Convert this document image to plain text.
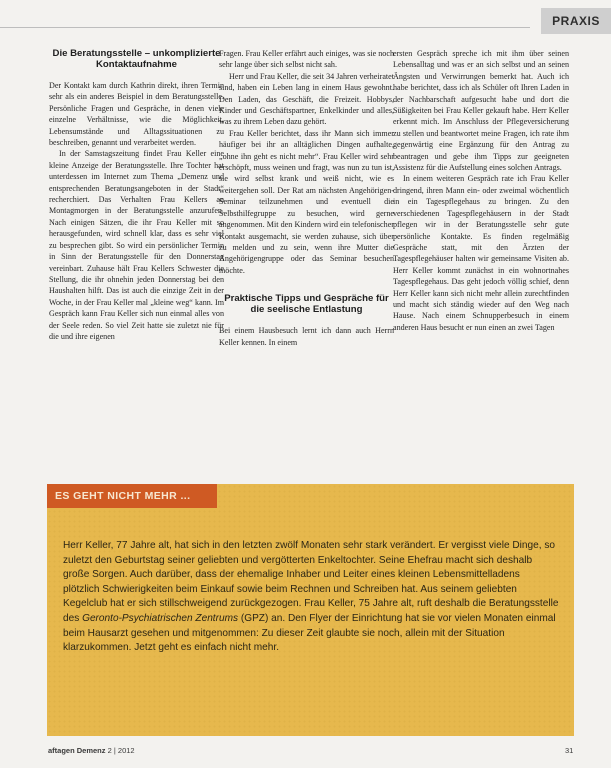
PRAXIS
Die Beratungsstelle – unkomplizierte Kontaktaufnahme

Der Kontakt kam durch Kathrin direkt, ihren Termin sehr als ein anderes Beispiel in dem Beratungsstelle. Persönliche Fragen und Gespräche, in denen viele einzelne Verhältnisse, wie die Möglichkeit, Lebensumstände und Alltagssituationen zu beschreiben, genannt und verarbeitet werden.

In der Samstagszeitung findet Frau Keller eine kleine Anzeige der Beratungsstelle. Ihre Tochter hat unterdessen im Internet zum Thema „Demenz und entsprechenden Beratungsangeboten in der Stadt“ recherchiert. Das Verhalten Frau Kellers an Montagmorgen in der Beratungsstelle anzurufen. Nach einigen Sätzen, die ihr Frau Keller mit so herausgefunden, wird schnell klar, dass es sehr viel zu besprechen gibt. So wird ein persönlicher Termin in Sinn der Beratungsstelle für den Donnerstag vereinbart. Zuhause hält Frau Kellers Schwester die Stellung, die ihr ohnehin jeden Donnerstag bei den Haushalten hilft. Das ist auch die einzige Zeit in der Woche, in der Frau Keller mal „kleine weg“ kann. Im Gespräch kann Frau Keller sich nun einmal alles von der Seele reden. So viel Zeit hatte sie zuletzt nie für die und ihre eigenen

Fragen. Frau Keller erfährt auch einiges, was sie noch sehr lange über sich selbst nicht sah.

Herr und Frau Keller, die seit 34 Jahren verheiratet sind, haben ein Leben lang in einem Haus gewohnt. Den Laden, das Geschäft, die Freizeit. Hobbys, Kinder und Geschäftspartner, Enkelkinder und alles, was zu ihrem Leben dazu gehört.

Frau Keller berichtet, dass ihr Mann sich immer häufiger bei ihr an alltäglichen Dingen aufhalte, „ohne ihn geht es nicht mehr“. Frau Keller wird sehr erschöpft, muss weinen und fragt, was nun zu tun ist, sie wird selbst krank und weiß nicht, wie es weitergehen soll. Der Rat am nächsten Angehörigen-Seminar teilzunehmen und eventuell die Selbsthilfegruppe zu besuchen, wird gerne angenommen. Mit den Kindern wird ein telefonischer Kontakt ausgemacht, sie werden zuhause, sich über zu melden und zu sein, wenn ihre Mutter die Angehörigengruppe oder das Seminar besuchen möchte.

Praktische Tipps und Gespräche für die seelische Entlastung

Bei einem Hausbesuch lernt ich dann auch Herrn Keller kennen. In einem

ersten Gespräch spreche ich mit ihm über seinen Lebensalltag und was er an sich selbst und an seinen Ängsten und Verwirrungen bemerkt hat. Auch ich habe berichtet, dass ich als Schüler oft Ihren Laden in der Nachbarschaft aufgesucht habe und dort die Süßigkeiten bei Frau Keller gekauft habe. Herr Keller erkennt mich. Im Anschluss der Pflegeversicherung zu stellen und beantwortet meine Fragen, ich rate ihm gegenwärtig eine Ergänzung für den Antrag zu beantragen und gebe ihm Tipps zur geeigneten Assistenz für die Aufstellung eines solchen Antrags.

In einem weiteren Gespräch rate ich Frau Keller dringend, ihren Mann ein- oder zweimal wöchentlich in ein Tagespflegehaus zu bringen. Zu den verschiedenen Tagespflegehäusern in der Stadt pflegen wir in der Beratungsstelle sehr gute persönliche Kontakte. Es finden regelmäßig Gespräche statt, mit den Ärzten der Tagespflegehäuser halten wir gemeinsame Visiten ab. Herr Keller kommt zunächst in ein wohnortnahes Tagespflegehaus. Das geht jedoch völlig schief, denn Herr Keller kann sich nicht mehr allein zurechtfinden und macht sich ständig wieder auf den Weg nach Hause. Nach einem Schnupperbesuch in einem anderen Haus besucht er nun einen an zwei Tagen

ES GEHT NICHT MEHR ...

Herr Keller, 77 Jahre alt, hat sich in den letzten zwölf Monaten sehr stark verändert. Er vergisst viele Dinge, so zuletzt den Geburtstag seiner geliebten und vergötterten Enkeltochter. Seine Ehefrau macht sich deshalb große Sorgen. Auch darüber, dass der ehemalige Inhaber und Leiter eines kleinen Lebensmittelladens plötzlich Schwierigkeiten beim Einkauf sowie beim Rechnen und Schreiben hat. Aus seinem geliebten Kegelclub hat er sich stillschweigend zurückgezogen. Frau Keller, 75 Jahre alt, ruft deshalb die Beratungsstelle des Geronto-Psychiatrischen Zentrums (GPZ) an. Den Flyer der Einrichtung hat sie vor vielen Monaten einmal beim Hausarzt gesehen und mitgenommen: Zu dieser Zeit glaubte sie noch, allein mit der Situation klarzukommen. Jetzt geht es einfach nicht mehr.

aftagen Demenz 2 | 2012	31
